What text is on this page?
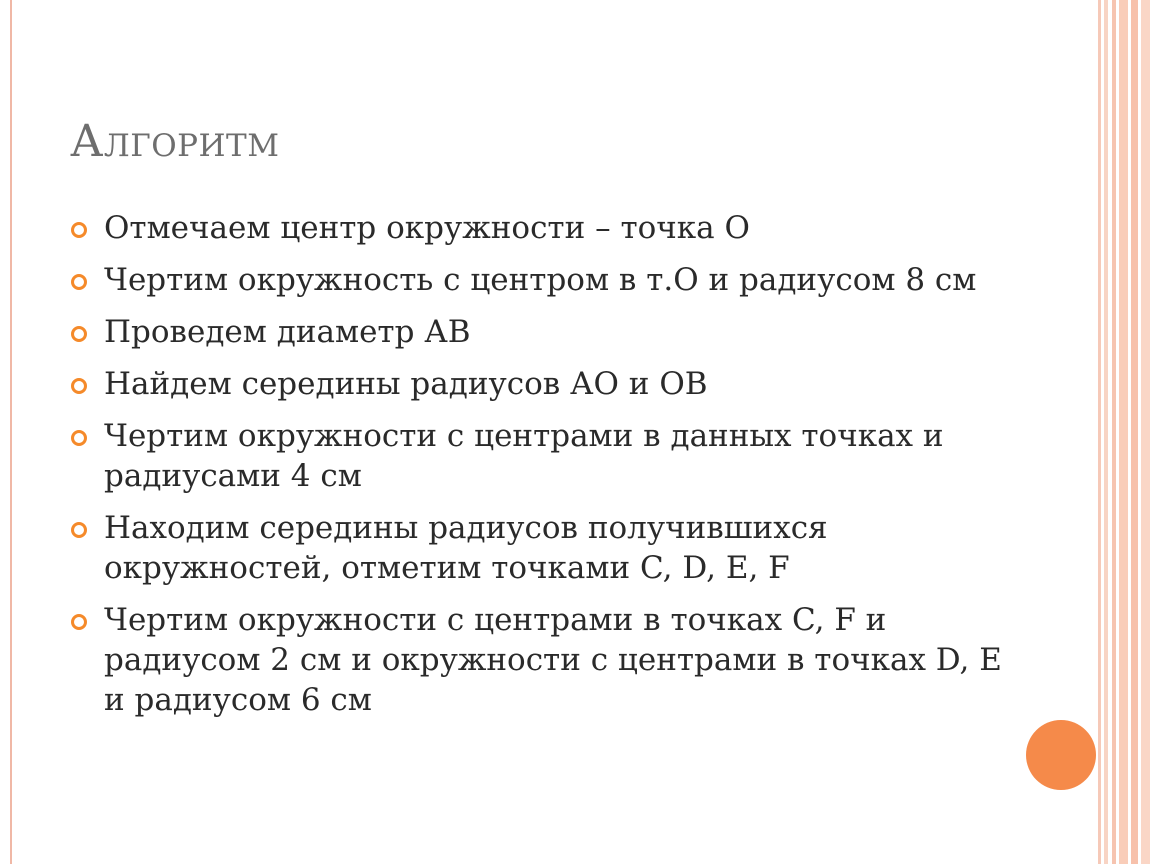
Алгоритм
Отмечаем центр окружности – точка О
Чертим окружность с центром в т.О и радиусом 8 см
Проведем диаметр АВ
Найдем середины радиусов АО и ОВ
Чертим окружности с центрами в данных точках и радиусами 4 см
Находим середины радиусов получившихся окружностей, отметим точками C, D, E, F
Чертим окружности с центрами в точках C, F и радиусом 2 см и окружности с центрами в точках D, E и радиусом 6 см
